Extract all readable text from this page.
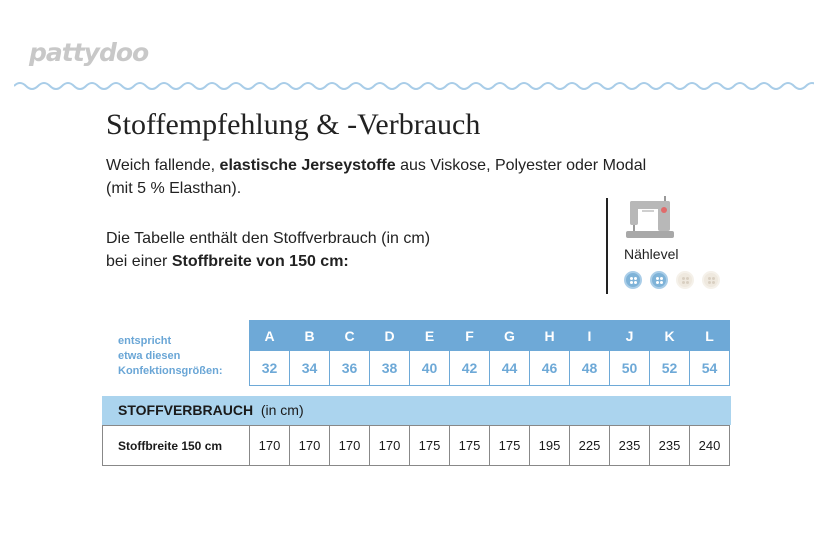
pattydoo
Stoffempfehlung & -Verbrauch

Weich fallende, elastische Jerseystoffe aus Viskose, Polyester oder Modal
(mit 5 % Elasthan).

Die Tabelle enthält den Stoffverbrauch (in cm)
bei einer Stoffbreite von 150 cm:	Nählevel
entspricht
etwa diesen
Konfektionsgrößen:
A	B	C	D	E	F	G	H	I	J	K	L
32	34	36	38	40	42	44	46	48	50	52	54
STOFFVERBRAUCH (in cm)
Stoffbreite 150 cm	170	170	170	170	175	175	175	195	225	235	235	240
